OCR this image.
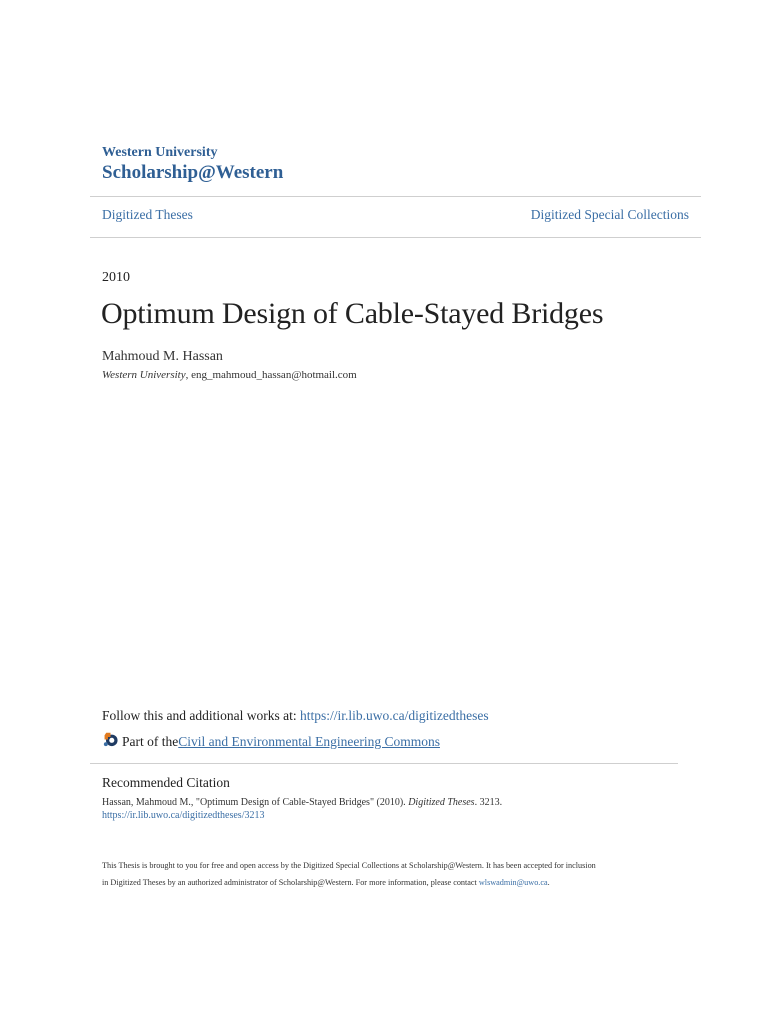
Western University
Scholarship@Western
Digitized Theses	Digitized Special Collections
2010
Optimum Design of Cable-Stayed Bridges
Mahmoud M. Hassan
Western University, eng_mahmoud_hassan@hotmail.com
Follow this and additional works at: https://ir.lib.uwo.ca/digitizedtheses
Part of the Civil and Environmental Engineering Commons
Recommended Citation
Hassan, Mahmoud M., "Optimum Design of Cable-Stayed Bridges" (2010). Digitized Theses. 3213.
https://ir.lib.uwo.ca/digitizedtheses/3213
This Thesis is brought to you for free and open access by the Digitized Special Collections at Scholarship@Western. It has been accepted for inclusion
in Digitized Theses by an authorized administrator of Scholarship@Western. For more information, please contact wlswadmin@uwo.ca.
